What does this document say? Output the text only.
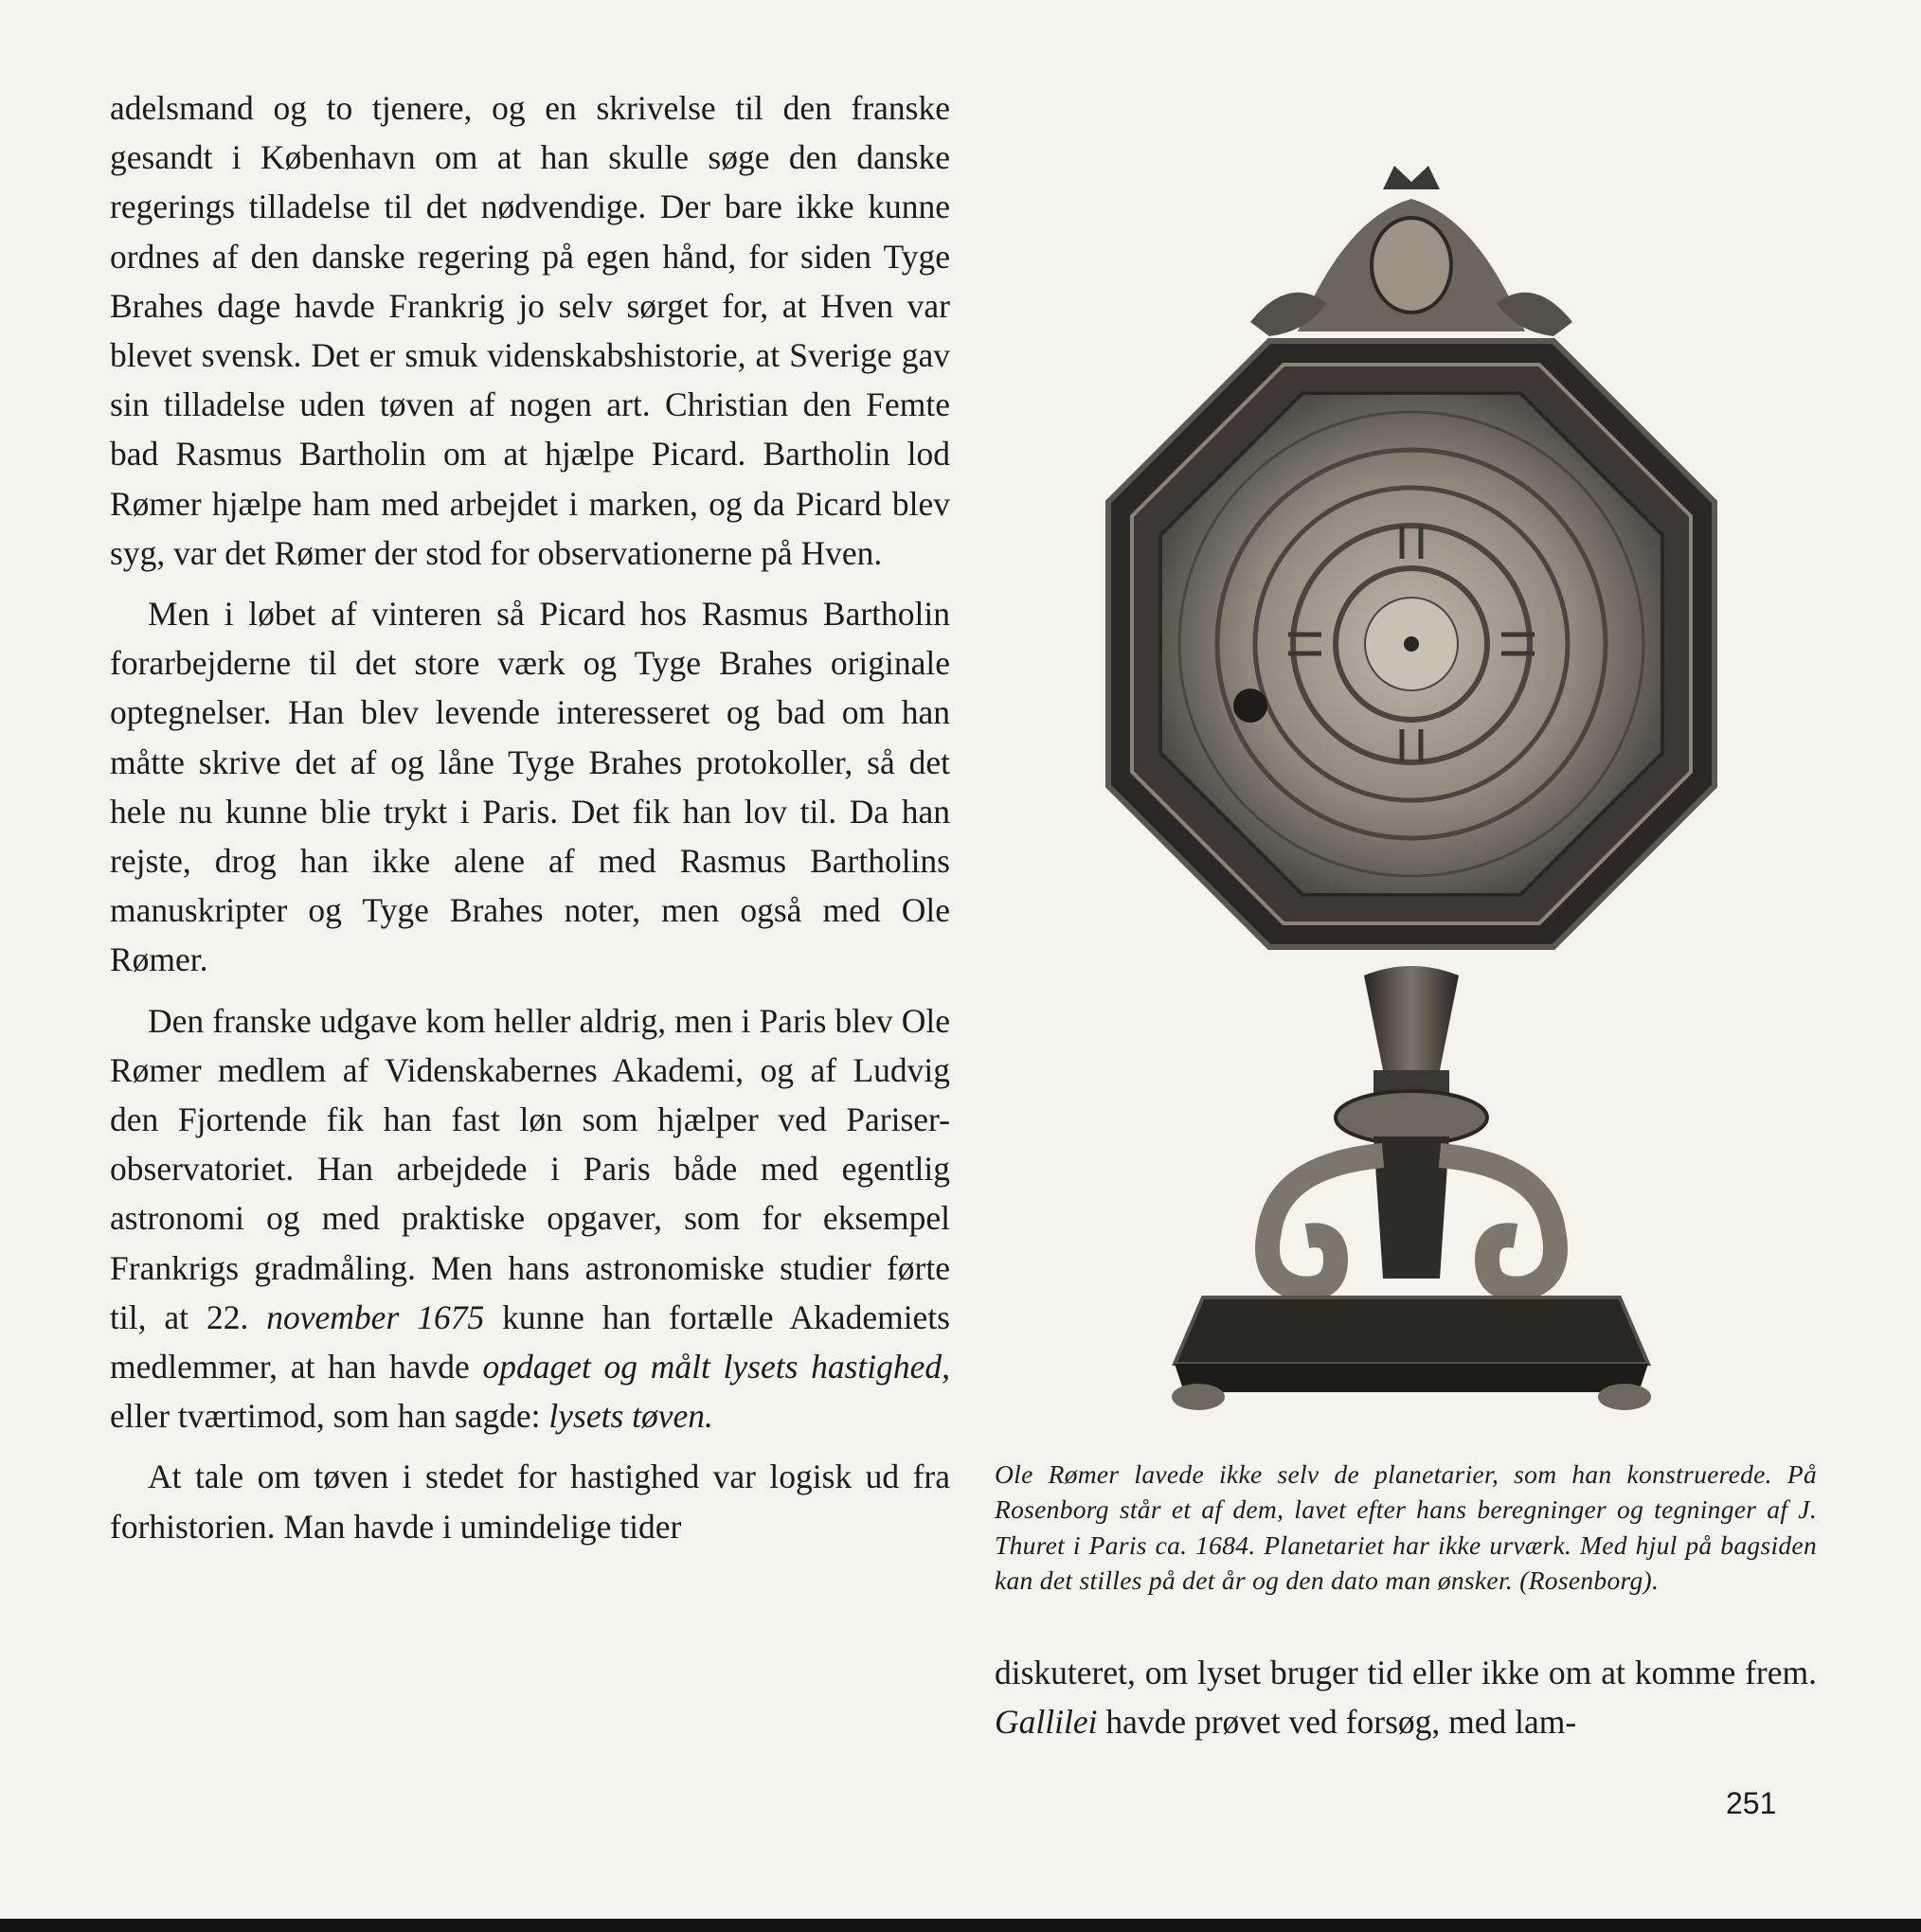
adelsmand og to tjenere, og en skrivelse til den franske gesandt i København om at han skulle søge den danske regerings tilladelse til det nødvendige. Der bare ikke kunne ordnes af den danske regering på egen hånd, for siden Tyge Brahes dage havde Frankrig jo selv sørget for, at Hven var blevet svensk. Det er smuk videnskabshistorie, at Sverige gav sin tilladelse uden tøven af nogen art. Christian den Femte bad Rasmus Bartholin om at hjælpe Picard. Bartholin lod Rømer hjælpe ham med arbejdet i marken, og da Picard blev syg, var det Rømer der stod for observationerne på Hven.

Men i løbet af vinteren så Picard hos Rasmus Bartholin forarbejderne til det store værk og Tyge Brahes originale optegnelser. Han blev levende interesseret og bad om han måtte skrive det af og låne Tyge Brahes protokoller, så det hele nu kunne blie trykt i Paris. Det fik han lov til. Da han rejste, drog han ikke alene af med Rasmus Bartholins manuskripter og Tyge Brahes noter, men også med Ole Rømer.

Den franske udgave kom heller aldrig, men i Paris blev Ole Rømer medlem af Videnskabernes Akademi, og af Ludvig den Fjortende fik han fast løn som hjælper ved Pariser-observatoriet. Han arbejdede i Paris både med egentlig astronomi og med praktiske opgaver, som for eksempel Frankrigs gradmåling. Men hans astronomiske studier førte til, at 22. november 1675 kunne han fortælle Akademiets medlemmer, at han havde opdaget og målt lysets hastighed, eller tværtimod, som han sagde: lysets tøven.

At tale om tøven i stedet for hastighed var logisk ud fra forhistorien. Man havde i umindelige tider

Ole Rømer lavede ikke selv de planetarier, som han konstruerede. På Rosenborg står et af dem, lavet efter hans beregninger og tegninger af J. Thuret i Paris ca. 1684. Planetariet har ikke urværk. Med hjul på bagsiden kan det stilles på det år og den dato man ønsker. (Rosenborg).

diskuteret, om lyset bruger tid eller ikke om at komme frem. Gallilei havde prøvet ved forsøg, med lam-

251
